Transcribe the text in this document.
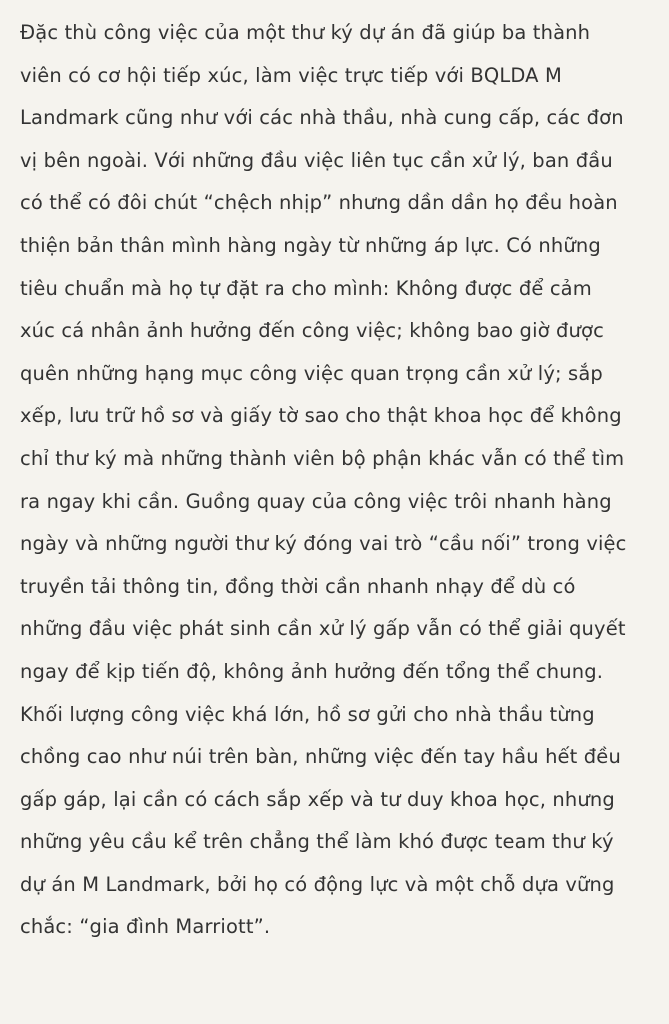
Đặc thù công việc của một thư ký dự án đã giúp ba thành
viên có cơ hội tiếp xúc, làm việc trực tiếp với BQLDA M
Landmark cũng như với các nhà thầu, nhà cung cấp, các đơn
vị bên ngoài. Với những đầu việc liên tục cần xử lý, ban đầu
có thể có đôi chút “chệch nhịp” nhưng dần dần họ đều hoàn
thiện bản thân mình hàng ngày từ những áp lực. Có những
tiêu chuẩn mà họ tự đặt ra cho mình: Không được để cảm
xúc cá nhân ảnh hưởng đến công việc; không bao giờ được
quên những hạng mục công việc quan trọng cần xử lý; sắp
xếp, lưu trữ hồ sơ và giấy tờ sao cho thật khoa học để không
chỉ thư ký mà những thành viên bộ phận khác vẫn có thể tìm
ra ngay khi cần. Guồng quay của công việc trôi nhanh hàng
ngày và những người thư ký đóng vai trò “cầu nối” trong việc
truyền tải thông tin, đồng thời cần nhanh nhạy để dù có
những đầu việc phát sinh cần xử lý gấp vẫn có thể giải quyết
ngay để kịp tiến độ, không ảnh hưởng đến tổng thể chung.
Khối lượng công việc khá lớn, hồ sơ gửi cho nhà thầu từng
chồng cao như núi trên bàn, những việc đến tay hầu hết đều
gấp gáp, lại cần có cách sắp xếp và tư duy khoa học, nhưng
những yêu cầu kể trên chẳng thể làm khó được team thư ký
dự án M Landmark, bởi họ có động lực và một chỗ dựa vững
chắc: “gia đình Marriott”.
